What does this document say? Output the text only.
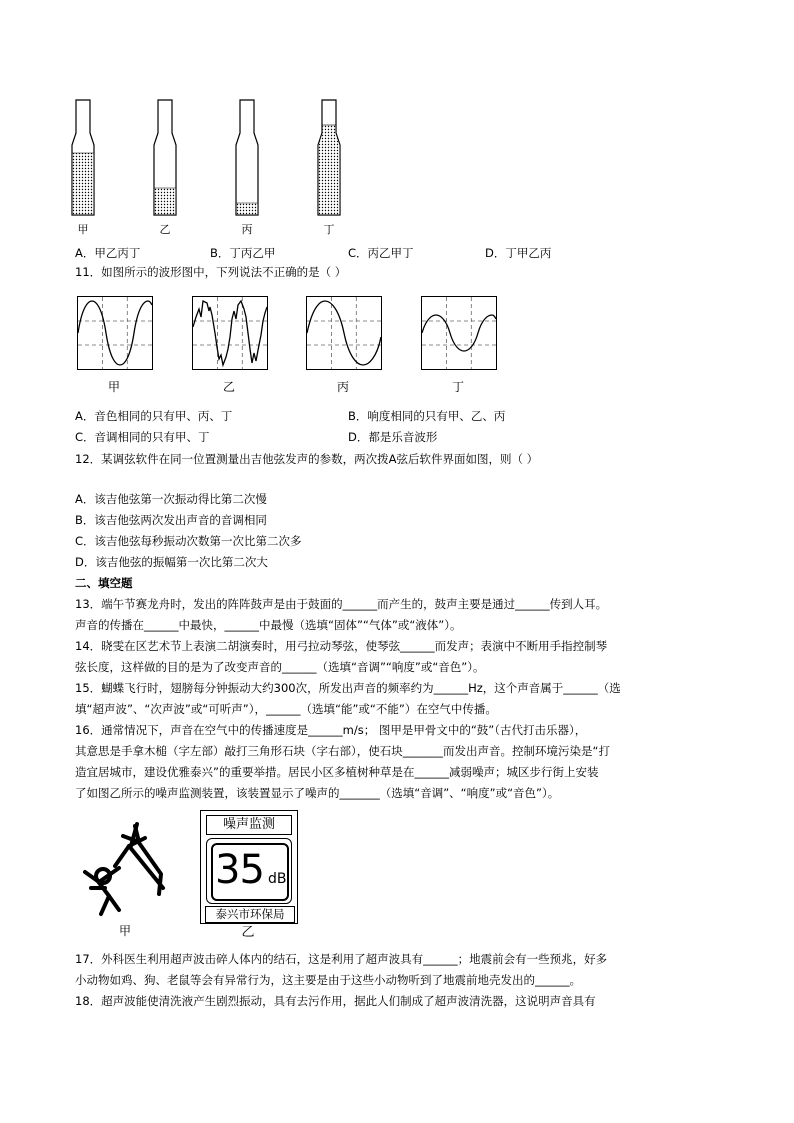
甲	乙	丙	丁
A．甲乙丙丁	B．丁丙乙甲	C．丙乙甲丁	D．丁甲乙丙
11．如图所示的波形图中，下列说法不正确的是（ ）
甲	乙	丙	丁
A．音色相同的只有甲、丙、丁	B．响度相同的只有甲、乙、丙
C．音调相同的只有甲、丁	D．都是乐音波形
12．某调弦软件在同一位置测量出吉他弦发声的参数，两次拨A弦后软件界面如图，则（ ）
A．该吉他弦第一次振动得比第二次慢
B．该吉他弦两次发出声音的音调相同
C．该吉他弦每秒振动次数第一次比第二次多
D．该吉他弦的振幅第一次比第二次大
二、填空题
13．端午节赛龙舟时，发出的阵阵鼓声是由于鼓面的______而产生的，鼓声主要是通过______传到人耳。
声音的传播在______中最快，______中最慢（选填“固体”“气体”或“液体”）。
14．晓雯在区艺术节上表演二胡演奏时，用弓拉动琴弦，使琴弦______而发声；表演中不断用手指控制琴
弦长度，这样做的目的是为了改变声音的______（选填“音调”“响度”或“音色”）。
15．蝴蝶飞行时，翅膀每分钟振动大约300次，所发出声音的频率约为______Hz，这个声音属于______（选
填“超声波”、“次声波”或“可听声”），______（选填“能”或“不能”）在空气中传播。
16．通常情况下，声音在空气中的传播速度是______m/s； 图甲是甲骨文中的“鼓”（古代打击乐器），
其意思是手拿木槌（字左部）敲打三角形石块（字右部），使石块_______而发出声音。控制环境污染是“打
造宜居城市，建设优雅泰兴”的重要举措。居民小区多植树种草是在______减弱噪声；城区步行街上安装
了如图乙所示的噪声监测装置，该装置显示了噪声的_______（选填“音调”、“响度”或“音色”）。
甲
噪声监测
35 dB
泰兴市环保局
乙
17．外科医生利用超声波击碎人体内的结石，这是利用了超声波具有______；地震前会有一些预兆，好多
小动物如鸡、狗、老鼠等会有异常行为，这主要是由于这些小动物听到了地震前地壳发出的______。
18．超声波能使清洗液产生剧烈振动，具有去污作用，据此人们制成了超声波清洗器，这说明声音具有
